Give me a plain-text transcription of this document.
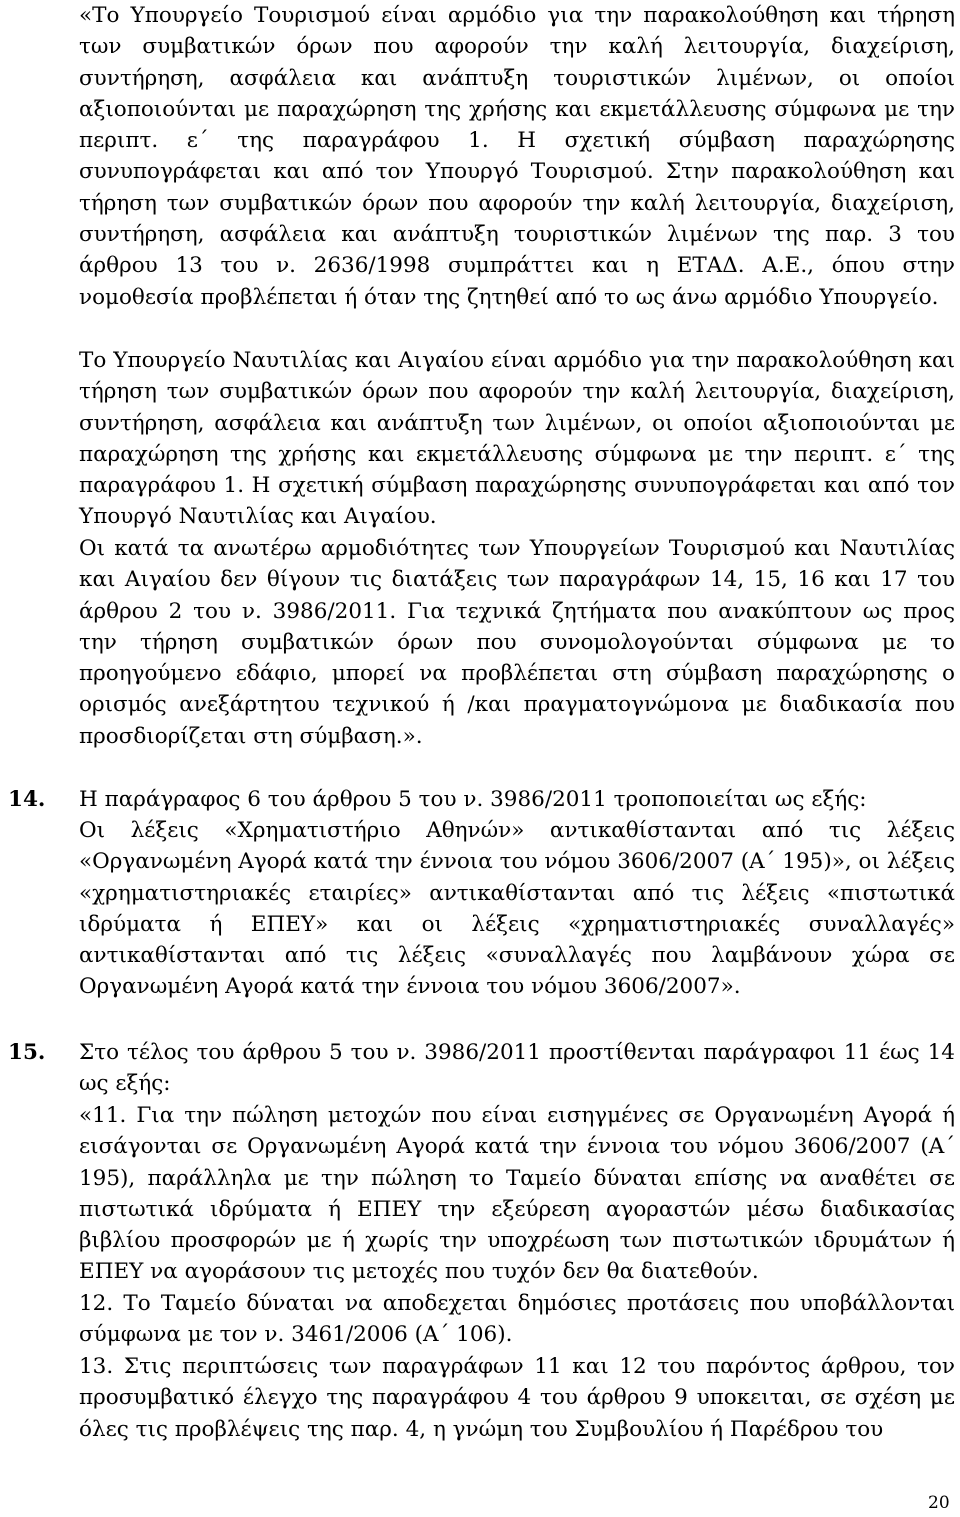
«Το Υπουργείο Τουρισμού είναι αρμόδιο για την παρακολούθηση και τήρηση των συμβατικών όρων που αφορούν την καλή λειτουργία, διαχείριση, συντήρηση, ασφάλεια και ανάπτυξη τουριστικών λιμένων, οι οποίοι αξιοποιούνται με παραχώρηση της χρήσης και εκμετάλλευσης σύμφωνα με την περιπτ. ε΄ της παραγράφου 1. Η σχετική σύμβαση παραχώρησης συνυπογράφεται και από τον Υπουργό Τουρισμού. Στην παρακολούθηση και τήρηση των συμβατικών όρων που αφορούν την καλή λειτουργία, διαχείριση, συντήρηση, ασφάλεια και ανάπτυξη τουριστικών λιμένων της παρ. 3 του άρθρου 13 του ν. 2636/1998 συμπράττει και η ΕΤΑΔ. Α.Ε., όπου στην νομοθεσία προβλέπεται ή όταν της ζητηθεί από το ως άνω αρμόδιο Υπουργείο.

Το Υπουργείο Ναυτιλίας και Αιγαίου είναι αρμόδιο για την παρακολούθηση και τήρηση των συμβατικών όρων που αφορούν την καλή λειτουργία, διαχείριση, συντήρηση, ασφάλεια και ανάπτυξη των λιμένων, οι οποίοι αξιοποιούνται με παραχώρηση της χρήσης και εκμετάλλευσης σύμφωνα με την περιπτ. ε΄ της παραγράφου 1. Η σχετική σύμβαση παραχώρησης συνυπογράφεται και από τον Υπουργό Ναυτιλίας και Αιγαίου.

Οι κατά τα ανωτέρω αρμοδιότητες των Υπουργείων Τουρισμού και Ναυτιλίας και Αιγαίου δεν θίγουν τις διατάξεις των παραγράφων 14, 15, 16 και 17 του άρθρου 2 του ν. 3986/2011. Για τεχνικά ζητήματα που ανακύπτουν ως προς την τήρηση συμβατικών όρων που συνομολογούνται σύμφωνα με το προηγούμενο εδάφιο, μπορεί να προβλέπεται στη σύμβαση παραχώρησης ο ορισμός ανεξάρτητου τεχνικού ή /και πραγματογνώμονα με διαδικασία που προσδιορίζεται στη σύμβαση.».

14. Η παράγραφος 6 του άρθρου 5 του ν. 3986/2011 τροποποιείται ως εξής:

Οι λέξεις «Χρηματιστήριο Αθηνών» αντικαθίστανται από τις λέξεις «Οργανωμένη Αγορά κατά την έννοια του νόμου 3606/2007 (Α΄ 195)», οι λέξεις «χρηματιστηριακές εταιρίες» αντικαθίστανται από τις λέξεις «πιστωτικά ιδρύματα ή ΕΠΕΥ» και οι λέξεις «χρηματιστηριακές συναλλαγές» αντικαθίστανται από τις λέξεις «συναλλαγές που λαμβάνουν χώρα σε Οργανωμένη Αγορά κατά την έννοια του νόμου 3606/2007».

15. Στο τέλος του άρθρου 5 του ν. 3986/2011 προστίθενται παράγραφοι 11 έως 14 ως εξής:

«11. Για την πώληση μετοχών που είναι εισηγμένες σε Οργανωμένη Αγορά ή εισάγονται σε Οργανωμένη Αγορά κατά την έννοια του νόμου 3606/2007 (Α΄ 195), παράλληλα με την πώληση το Ταμείο δύναται επίσης να αναθέτει σε πιστωτικά ιδρύματα ή ΕΠΕΥ την εξεύρεση αγοραστών μέσω διαδικασίας βιβλίου προσφορών με ή χωρίς την υποχρέωση των πιστωτικών ιδρυμάτων ή ΕΠΕΥ να αγοράσουν τις μετοχές που τυχόν δεν θα διατεθούν.

12. Το Ταμείο δύναται να αποδεχεται δημόσιες προτάσεις που υποβάλλονται σύμφωνα με τον ν. 3461/2006 (Α΄ 106).

13. Στις περιπτώσεις των παραγράφων 11 και 12 του παρόντος άρθρου, τον προσυμβατικό έλεγχο της παραγράφου 4 του άρθρου 9 υποκειται, σε σχέση με όλες τις προβλέψεις της παρ. 4, η γνώμη του Συμβουλίου ή Παρέδρου του

20
